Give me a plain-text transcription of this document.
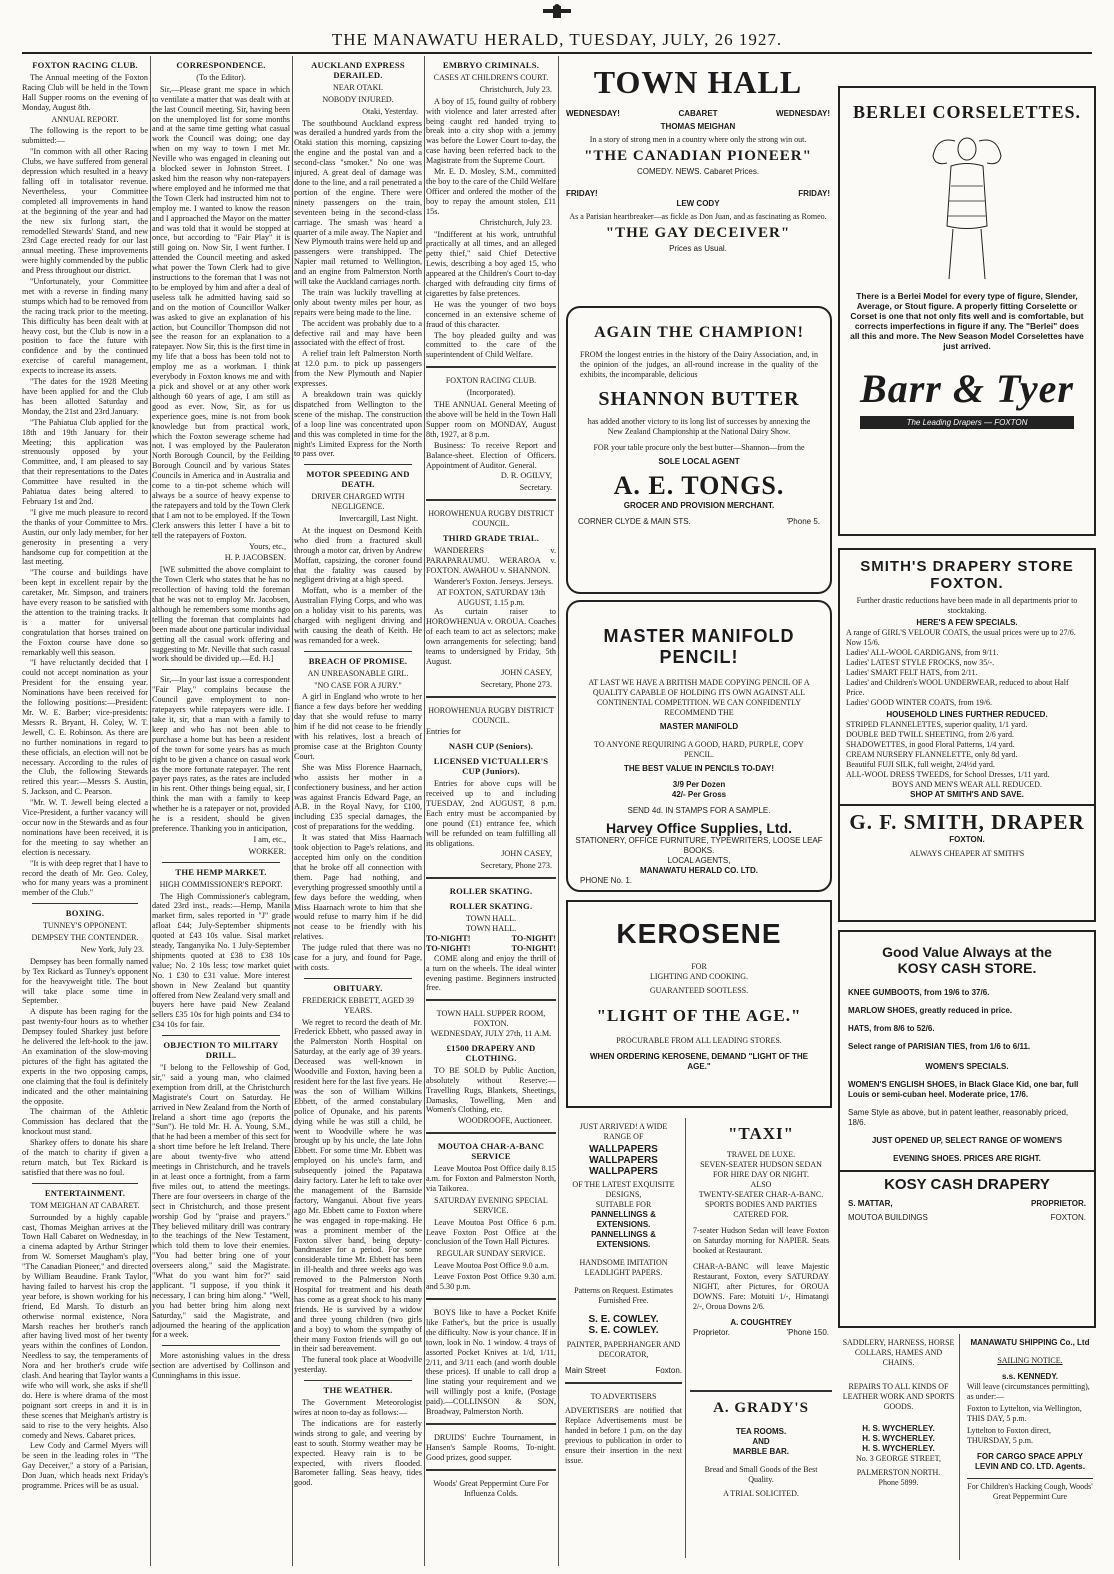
THE MANAWATU HERALD, TUESDAY, JULY, 26 1927.
FOXTON RACING CLUB.

The Annual meeting of the Foxton Racing Club will be held in the Town Hall Supper rooms on the evening of Monday, August 8th.

ANNUAL REPORT.

The following is the report to be submitted:—

"In common with all other Racing Clubs, we have suffered from general depression which resulted in a heavy falling off in totalisator revenue. Nevertheless, your Committee completed all improvements in hand at the beginning of the year and had the new six furlong start, the remodelled Stewards' Stand, and new 23rd Cage erected ready for our last annual meeting. These improvements were highly commended by the public and Press throughout our district.

"Unfortunately, your Committee met with a reverse in finding many stumps which had to be removed from the racing track prior to the meeting. This difficulty has been dealt with at heavy cost, but the Club is now in a position to face the future with confidence and by the continued exercise of careful management, expects to increase its assets.

"The dates for the 1928 Meeting have been applied for and the Club has been allotted Saturday and Monday, the 21st and 23rd January.

"The Pahiatua Club applied for the 18th and 19th January for their Meeting; this application was strenuously opposed by your Committee, and, I am pleased to say that their representations to the Dates Committee have resulted in the Pahiatua dates being altered to February 1st and 2nd.

"I give me much pleasure to record the thanks of your Committee to Mrs. Austin, our only lady member, for her generosity in presenting a very handsome cup for competition at the last meeting.

"The course and buildings have been kept in excellent repair by the caretaker, Mr. Simpson, and trainers have every reason to be satisfied with the attention to the training tracks. It is a matter for universal congratulation that horses trained on the Foxton course have done so remarkably well this season.

"I have reluctantly decided that I could not accept nomination as your President for the ensuing year. Nominations have been received for the following positions:—President: Mr. W. E. Barber; vice-presidents: Messrs R. Bryant, H. Coley, W. T. Jewell, C. E. Robinson. As there are no further nominations in regard to these officials, an election will not be necessary. According to the rules of the Club, the following Stewards retired this year:—Messrs S. Austin, S. Jackson, and C. Pearson.

"Mr. W. T. Jewell being elected a Vice-President, a further vacancy will occur now in the Stewards and as four nominations have been received, it is for the meeting to say whether an election is necessary.

"It is with deep regret that I have to record the death of Mr. Geo. Coley, who for many years was a prominent member of the Club."

BOXING.
TUNNEY'S OPPONENT.
DEMPSEY THE CONTENDER.
New York, July 23.

Dempsey has been formally named by Tex Rickard as Tunney's opponent for the heavyweight title. The bout will take place some time in September.

A dispute has been raging for the past twenty-four hours as to whether Dempsey fouled Sharkey just before he delivered the left-hook to the jaw. An examination of the slow-moving pictures of the fight has agitated the experts in the two opposing camps, one claiming that the foul is definitely indicated and the other maintaining the opposite.

The chairman of the Athletic Commission has declared that the knockout must stand.

Sharkey offers to donate his share of the match to charity if given a return match, but Tex Rickard is satisfied that there was no foul.

ENTERTAINMENT.
TOM MEIGHAN AT CABARET.

Surrounded by a highly capable cast, Thomas Meighan arrives at the Town Hall Cabaret on Wednesday, in a cinema adapted by Arthur Stringer from W. Somerset Maugham's play, "The Canadian Pioneer," and directed by William Beaudine. Frank Taylor, having failed to harvest his crop the year before, is shown working for his friend, Ed Marsh. To disturb an otherwise normal existence, Nora Marsh reaches her brother's ranch after having lived most of her twenty years within the confines of London. Needless to say, the temperaments of Nora and her brother's crude wife clash. And hearing that Taylor wants a wife who will work, she asks if she'll do. Here is where drama of the most poignant sort creeps in and it is in these scenes that Meighan's artistry is said to rise to the very heights. Also comedy and News. Cabaret prices.

Lew Cody and Carmel Myers will be seen in the leading roles in "The Gay Deceiver," a story of a Parisian, Don Juan, which heads next Friday's programme. Prices will be as usual.

CORRESPONDENCE.
(To the Editor).

Sir,—Please grant me space in which to ventilate a matter that was dealt with at the last Council meeting. Sir, having been on the unemployed list for some months and at the same time getting what casual work the Council was doing; one day when on my way to town I met Mr. Neville who was engaged in cleaning out a blocked sewer in Johnston Street. I asked him the reason why non-ratepayers where employed and he informed me that the Town Clerk had instructed him not to employ me. I wanted to know the reason and I approached the Mayor on the matter and was told that it would be stopped at once, but according to "Fair Play" it is still going on. Now Sir, I went further. I attended the Council meeting and asked what power the Town Clerk had to give instructions to the foreman that I was not to be employed by him and after a deal of useless talk he admitted having said so and on the motion of Councillor Walker was asked to give an explanation of his action, but Councillor Thompson did not see the reason for an explanation to a ratepayer. Now Sir, this is the first time in my life that a boss has been told not to employ me as a workman. I think everybody in Foxton knows me and with a pick and shovel or at any other work although 60 years of age, I am still as good as ever. Now, Sir, as for us experience goes, mine is not from book knowledge but from practical work, which the Foxton sewerage scheme had not. I was employed by the Pauleraton North Borough Council, by the Feilding Borough Council and by various States Councils in America and in Australia and come to a tin-pot scheme which will always be a source of heavy expense to the ratepayers and told by the Town Clerk that I am not to be employed. If the Town Clerk answers this letter I have a bit to tell the ratepayers of Foxton.

Yours, etc.,
H. P. JACOBSEN.

[WE submitted the above complaint to the Town Clerk who states that he has no recollection of having told the foreman that he was not to employ Mr. Jacobsen, although he remembers some months ago telling the foreman that complaints had been made about one particular individual getting all the casual work offering and suggesting to Mr. Neville that such casual work should be divided up.—Ed. H.]

Sir,—In your last issue a correspondent "Fair Play," complains because the Council gave employment to non-ratepayers while ratepayers were idle. I take it, sir, that a man with a family to keep and who has not been able to purchase a home but has been a resident of the town for some years has as much right to be given a chance on casual work as the more fortunate ratepayer. The rent payer pays rates, as the rates are included in his rent. Other things being equal, sir, I think the man with a family to keep whether he is a ratepayer or not, provided he is a resident, should be given preference. Thanking you in anticipation,

I am, etc.,
WORKER.
THE HEMP MARKET.
HIGH COMMISSIONER'S REPORT.

The High Commissioner's cablegram, dated 23rd inst., reads:—Hemp, Manila market firm, sales reported in "J" grade afloat £44; July-September shipments quoted at £43 10s value. Sisal market steady, Tanganyika No. 1 July-September shipments quoted at £38 to £38 10s value; No. 2 10s less; tow market quiet No. 1 £30 to £31 value. More interest shown in New Zealand but quantity offered from New Zealand very small and buyers here have paid New Zealand sellers £35 10s for high points and £34 to £34 10s for fair.

OBJECTION TO MILITARY DRILL.

"I belong to the Fellowship of God, sir," said a young man, who claimed exemption from drill, at the Christchurch Magistrate's Court on Saturday. He arrived in New Zealand from the North of Ireland a short time ago (reports the "Sun"). He told Mr. H. A. Young, S.M., that he had been a member of this sect for a short time before he left Ireland. There are about twenty-five who attend meetings in Christchurch, and he travels in at least once a fortnight, from a farm five miles out, to attend the meetings. There are four overseers in charge of the sect in Christchurch, and those present worship God by "praise and prayers." They believed military drill was contrary to the teachings of the New Testament, which told them to love their enemies. "You had better bring one of your overseers along," said the Magistrate. "What do you want him for?" said applicant. "I suppose, if you think it necessary, I can bring him along." "Well, you had better bring him along next Saturday," said the Magistrate, and adjourned the hearing of the application for a week.

More astonishing values in the dress section are advertised by Collinson and Cunninghams in this issue.

AUCKLAND EXPRESS DERAILED.
NEAR OTAKI.
NOBODY INJURED.
Otaki, Yesterday.

The southbound Auckland express was derailed a hundred yards from the Otaki station this morning, capsizing the engine and the postal van and a second-class "smoker." No one was injured. A great deal of damage was done to the line, and a rail penetrated a portion of the engine. There were ninety passengers on the train, seventeen being in the second-class carriage. The smash was heard a quarter of a mile away. The Napier and New Plymouth trains were held up and passengers were transhipped. The Napier mail returned to Wellington, and an engine from Palmerston North will take the Auckland carriages north.

The train was luckily travelling at only about twenty miles per hour, as repairs were being made to the line.

The accident was probably due to a defective rail and may have been associated with the effect of frost.

A relief train left Palmerston North at 12.0 p.m. to pick up passengers from the New Plymouth and Napier expresses.

A breakdown train was quickly dispatched from Wellington to the scene of the mishap. The construction of a loop line was concentrated upon and this was completed in time for the night's Limited Express for the North to pass over.

MOTOR SPEEDING AND DEATH.
DRIVER CHARGED WITH NEGLIGENCE.
Invercargill, Last Night.

At the inquest on Desmond Keith who died from a fractured skull through a motor car, driven by Andrew Moffatt, capsizing, the coroner found that the fatality was caused by negligent driving at a high speed.

Moffatt, who is a member of the Australian Flying Corps, and who was on a holiday visit to his parents, was charged with negligent driving and with causing the death of Keith. He was remanded for a week.

BREACH OF PROMISE.
AN UNREASONABLE GIRL.
"NO CASE FOR A JURY."

A girl in England who wrote to her fiance a few days before her wedding day that she would refuse to marry him if he did not cease to be friendly with his relatives, lost a breach of promise case at the Brighton County Court.

She was Miss Florence Haarnach, who assists her mother in a confectionery business, and her action was against Francis Edward Page, an A.B. in the Royal Navy, for £100, including £35 special damages, the cost of preparations for the wedding.

It was stated that Miss Haarnach took objection to Page's relations, and accepted him only on the condition that he broke off all connection with them. Page had nothing, and everything progressed smoothly until a few days before the wedding, when Miss Haarnach wrote to him that she would refuse to marry him if he did not cease to be friendly with his relatives.

The judge ruled that there was no case for a jury, and found for Page, with costs.

OBITUARY.
FREDERICK EBBETT, AGED 39 YEARS.

We regret to record the death of Mr. Frederick Ebbett, who passed away in the Palmerston North Hospital on Saturday, at the early age of 39 years. Deceased was well-known in Woodville and Foxton, having been a resident here for the last five years. He was the son of William Wilkins Ebbett, of the armed constabulary police of Opunake, and his parents dying while he was still a child, he went to Woodville where he was brought up by his uncle, the late John Ebbett. For some time Mr. Ebbett was employed on his uncle's farm, and subsequently joined the Papatawa dairy factory. Later he left to take over the management of the Barnside factory, Wanganui. About five years ago Mr. Ebbett came to Foxton where he was engaged in rope-making. He was a prominent member of the Foxton silver band, being deputy-bandmaster for a period. For some considerable time Mr. Ebbett has been in ill-health and three weeks ago was removed to the Palmerston North Hospital for treatment and his death has come as a great shock to his many friends. He is survived by a widow and three young children (two girls and a boy) to whom the sympathy of their many Foxton friends will go out in their sad bereavement.

The funeral took place at Woodville yesterday.

THE WEATHER.

The Government Meteorologist wires at noon to-day as follows:—

The indications are for easterly winds strong to gale, and veering by east to south. Stormy weather may be expected. Heavy rain is to be expected, with rivers flooded. Barometer falling. Seas heavy, tides good.

EMBRYO CRIMINALS.
CASES AT CHILDREN'S COURT.
Christchurch, July 23.

A boy of 15, found guilty of robbery with violence and later arrested after being caught red handed trying to break into a city shop with a jemmy was before the Lower Court to-day, the case having been referred back to the Magistrate from the Supreme Court.

Mr. E. D. Mosley, S.M., committed the boy to the care of the Child Welfare Officer and ordered the mother of the boy to repay the amount stolen, £11 15s.

Christchurch, July 23.

"Indifferent at his work, untruthful practically at all times, and an alleged petty thief," said Chief Detective Lewis, describing a boy aged 15, who appeared at the Children's Court to-day charged with defrauding city firms of cigarettes by false pretences.

He was the younger of two boys concerned in an extensive scheme of fraud of this character.

The boy pleaded guilty and was committed to the care of the superintendent of Child Welfare.

FOXTON RACING CLUB.
(Incorporated).

THE ANNUAL General Meeting of the above will be held in the Town Hall Supper room on MONDAY, August 8th, 1927, at 8 p.m.

Business: To receive Report and Balance-sheet. Election of Officers. Appointment of Auditor. General.

D. R. OGILVY,
Secretary.
HOROWHENUA RUGBY DISTRICT COUNCIL.
THIRD GRADE TRIAL.

WANDERERS v. PARAPARAUMU. WERAROA v. FOXTON. AWAHOU v. SHANNON.

Wanderer's Foxton. Jerseys. Jerseys.

AT FOXTON, SATURDAY 13th AUGUST, 1.15 p.m.

As curtain raiser to HOROWHENUA v. OROUA. Coaches of each team to act as selectors; make own arrangements for selecting; band teams to undersigned by Friday, 5th August.

JOHN CASEY,
Secretary, Phone 273.
HOROWHENUA RUGBY DISTRICT COUNCIL.
Entries for
NASH CUP (Seniors).
LICENSED VICTUALLER'S CUP (Juniors).

Entries for above cups will be received up to and including TUESDAY, 2nd AUGUST, 8 p.m. Each entry must be accompanied by one pound (£1) entrance fee, which will be refunded on team fulfilling all its obligations.

JOHN CASEY,
Secretary, Phone 273.
ROLLER SKATING.
ROLLER SKATING.
TOWN HALL.
TOWN HALL.
TO-NIGHT!	TO-NIGHT!
TO-NIGHT!	TO-NIGHT!

COME along and enjoy the thrill of a turn on the wheels. The ideal winter evening pastime. Beginners instructed free.

TOWN HALL SUPPER ROOM, FOXTON.
WEDNESDAY, JULY 27th, 11 A.M.
£1500 DRAPERY AND CLOTHING.

TO BE SOLD by Public Auction, absolutely without Reserve:—Travelling Rugs, Blankets, Sheetings, Damasks, Towelling, Men and Women's Clothing, etc.

WOODROOFE, Auctioneer.
MOUTOA CHAR-A-BANC SERVICE

Leave Moutoa Post Office daily 8.15 a.m. for Foxton and Palmerston North, via Taikorea.

SATURDAY EVENING SPECIAL SERVICE.

Leave Moutoa Post Office 6 p.m. Leave Foxton Post Office at the conclusion of the Town Hall Pictures.

REGULAR SUNDAY SERVICE.

Leave Moutoa Post Office 9.0 a.m.

Leave Foxton Post Office 9.30 a.m. and 5.30 p.m.

BOYS like to have a Pocket Knife like Father's, but the price is usually the difficulty. Now is your chance. If in town, look in No. 1 window. 4 trays of assorted Pocket Knives at 1/d, 1/11, 2/11, and 3/11 each (and worth double these prices). If unable to call drop a line stating your requirement and we will willingly post a knife, (Postage paid).—COLLINSON & SON, Broadway, Palmerston North.

DRUIDS' Euchre Tournament, in Hansen's Sample Rooms, To-night. Good prizes, good supper.

Woods' Great Peppermint Cure For Influenza Colds.
TOWN HALL
WEDNESDAY!	CABARET	WEDNESDAY!
THOMAS MEIGHAN
In a story of strong men in a country where only the strong win out.
"THE CANADIAN PIONEER"
COMEDY. NEWS. Cabaret Prices.
FRIDAY!	FRIDAY!
LEW CODY
As a Parisian heartbreaker—as fickle as Don Juan, and as fascinating as Romeo.
"THE GAY DECEIVER"
Prices as Usual.
AGAIN THE CHAMPION!
FROM the longest entries in the history of the Dairy Association, and, in the opinion of the judges, an all-round increase in the quality of the exhibits, the incomparable, delicious
SHANNON BUTTER
has added another victory to its long list of successes by annexing the New Zealand Championship at the National Dairy Show.
FOR your table procure only the best butter—Shannon—from the
SOLE LOCAL AGENT
A. E. TONGS.
GROCER AND PROVISION MERCHANT.
CORNER CLYDE & MAIN STS.	'Phone 5.
MASTER MANIFOLD
PENCIL!
AT LAST WE HAVE A BRITISH MADE COPYING PENCIL OF A QUALITY CAPABLE OF HOLDING ITS OWN AGAINST ALL CONTINENTAL COMPETITION. WE CAN CONFIDENTLY RECOMMEND THE
MASTER MANIFOLD
TO ANYONE REQUIRING A GOOD, HARD, PURPLE, COPY PENCIL.
THE BEST VALUE IN PENCILS TO-DAY!
3/9 Per Dozen
42/- Per Gross
SEND 4d. IN STAMPS FOR A SAMPLE.
Harvey Office Supplies, Ltd.
STATIONERY, OFFICE FURNITURE, TYPEWRITERS, LOOSE LEAF BOOKS.
LOCAL AGENTS,
MANAWATU HERALD CO. LTD.
PHONE No. 1.
KEROSENE
FOR
LIGHTING AND COOKING.
GUARANTEED SOOTLESS.
"LIGHT OF THE AGE."
PROCURABLE FROM ALL LEADING STORES.
WHEN ORDERING KEROSENE, DEMAND "LIGHT OF THE AGE."
JUST ARRIVED! A WIDE RANGE OF
WALLPAPERS
WALLPAPERS
WALLPAPERS
OF THE LATEST EXQUISITE DESIGNS,
SUITABLE FOR
PANNELLINGS & EXTENSIONS.
PANNELLINGS & EXTENSIONS.
HANDSOME IMITATION LEADLIGHT PAPERS.
Patterns on Request. Estimates Furnished Free.
S. E. COWLEY.
S. E. COWLEY.
PAINTER, PAPERHANGER AND DECORATOR,
Main Street	Foxton.
TO ADVERTISERS
ADVERTISERS are notified that Replace Advertisements must be handed in before 1 p.m. on the day previous to publication in order to ensure their insertion in the next issue.
"TAXI"
TRAVEL DE LUXE.
SEVEN-SEATER HUDSON SEDAN FOR HIRE DAY OR NIGHT.
ALSO
TWENTY-SEATER CHAR-A-BANC.
SPORTS BODIES AND PARTIES CATERED FOR.
7-seater Hudson Sedan will leave Foxton on Saturday morning for NAPIER. Seats booked at Restaurant.
CHAR-A-BANC will leave Majestic Restaurant, Foxton, every SATURDAY NIGHT, after Pictures, for OROUA DOWNS. Fare: Motuiti 1/-, Himatangi 2/-, Oroua Downs 2/6.
A. COUGHTREY
Proprietor.	'Phone 150.
A. GRADY'S
TEA ROOMS.
AND
MARBLE BAR.
Bread and Small Goods of the Best Quality.
A TRIAL SOLICITED.
BERLEI CORSELETTES.
There is a Berlei Model for every type of figure, Slender, Average, or Stout figure. A properly fitting Corselette or Corset is one that not only fits well and is comfortable, but corrects imperfections in figure if any. The "Berlei" does all this and more. The New Season Model Corselettes have just arrived.
Barr & Tyer
The Leading Drapers — FOXTON
SMITH'S DRAPERY STORE
FOXTON.
Further drastic reductions have been made in all departments prior to stocktaking.
HERE'S A FEW SPECIALS.
A range of GIRL'S VELOUR COATS, the usual prices were up to 27/6. Now 15/6.
Ladies' ALL-WOOL CARDIGANS, from 9/11.
Ladies' LATEST STYLE FROCKS, now 35/-.
Ladies' SMART FELT HATS, from 2/11.
Ladies' and Children's WOOL UNDERWEAR, reduced to about Half Price.
Ladies' GOOD WINTER COATS, from 19/6.
HOUSEHOLD LINES FURTHER REDUCED.
STRIPED FLANNELETTES, superior quality, 1/1 yard.
DOUBLE BED TWILL SHEETING, from 2/6 yard.
SHADOWETTES, in good Floral Patterns, 1/4 yard.
CREAM NURSERY FLANNELETTE, only 8d yard.
Beautiful FUJI SILK, full weight, 2/4½d yard.
ALL-WOOL DRESS TWEEDS, for School Dresses, 1/11 yard.
BOYS AND MEN'S WEAR ALL REDUCED.
SHOP AT SMITH'S AND SAVE.
G. F. SMITH, DRAPER
FOXTON.
ALWAYS CHEAPER AT SMITH'S
Good Value Always at the
KOSY CASH STORE.
KNEE GUMBOOTS, from 19/6 to 37/6.
MARLOW SHOES, greatly reduced in price.
HATS, from 8/6 to 52/6.
Select range of PARISIAN TIES, from 1/6 to 6/11.
WOMEN'S SPECIALS.
WOMEN'S ENGLISH SHOES, in Black Glace Kid, one bar, full Louis or semi-cuban heel. Moderate price, 17/6.
Same Style as above, but in patent leather, reasonably priced, 18/6.
JUST OPENED UP, SELECT RANGE OF WOMEN'S
EVENING SHOES. PRICES ARE RIGHT.
KOSY CASH DRAPERY
S. MATTAR,	PROPRIETOR.
MOUTOA BUILDINGS	FOXTON.
SADDLERY, HARNESS, HORSE COLLARS, HAMES AND CHAINS.
REPAIRS TO ALL KINDS OF LEATHER WORK AND SPORTS GOODS.
H. S. WYCHERLEY.
H. S. WYCHERLEY.
H. S. WYCHERLEY.
No. 3 GEORGE STREET,
PALMERSTON NORTH.
Phone 5899.
MANAWATU SHIPPING Co., Ltd
SAILING NOTICE.
s.s. KENNEDY.
Will leave (circumstances permitting), as under:—
Foxton to Lyttelton, via Wellington, THIS DAY, 5 p.m.
Lyttelton to Foxton direct, THURSDAY, 5 p.m.
FOR CARGO SPACE APPLY LEVIN AND CO. LTD. Agents.
For Children's Hacking Cough, Woods' Great Peppermint Cure
